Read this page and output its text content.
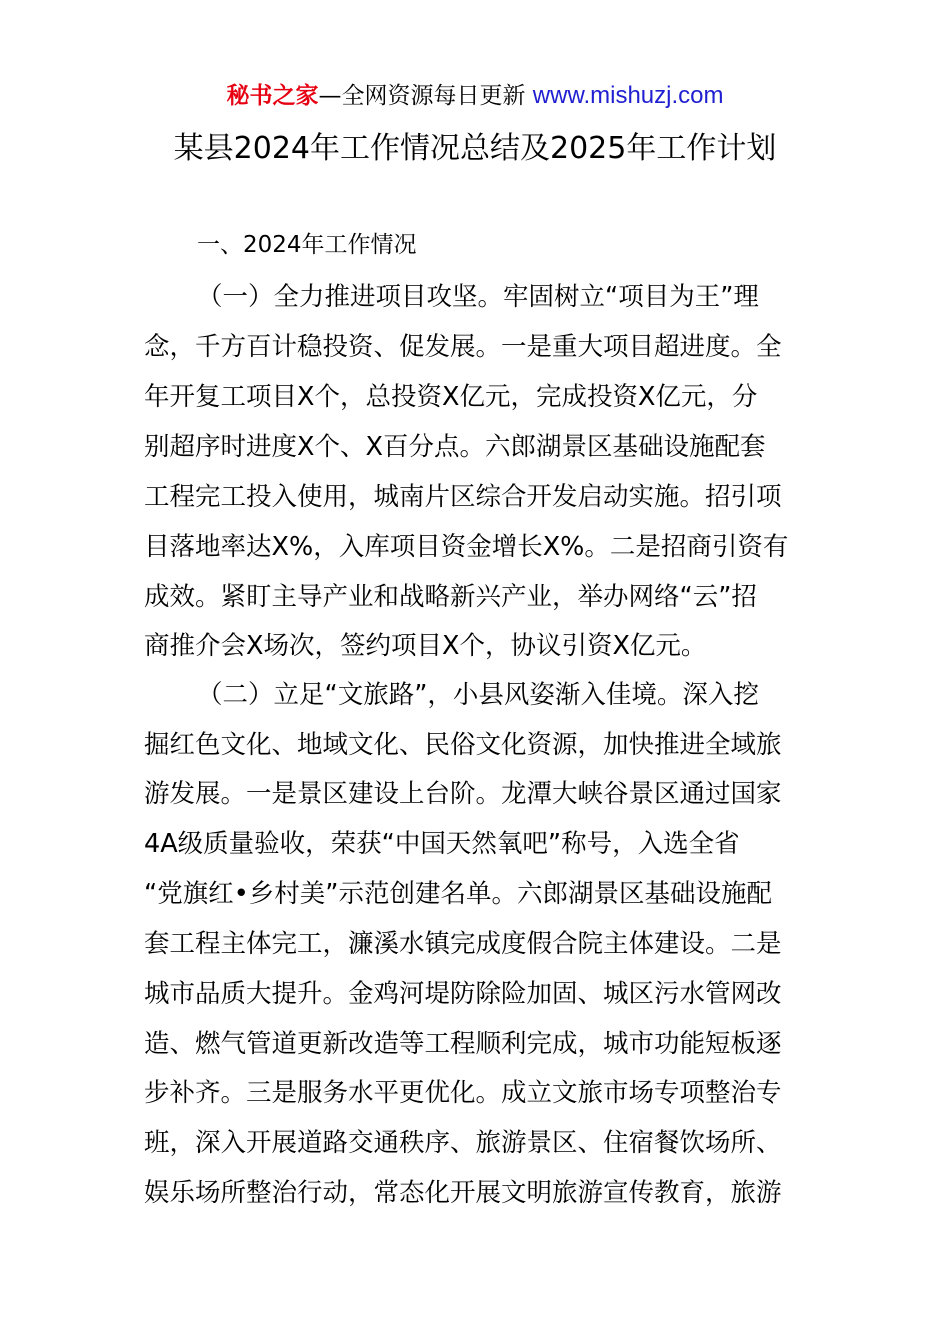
秘书之家—全网资源每日更新 www.mishuzj.com
某县2024年工作情况总结及2025年工作计划
一、2024年工作情况
（一）全力推进项目攻坚。牢固树立“项目为王”理
念，千方百计稳投资、促发展。一是重大项目超进度。全
年开复工项目X个，总投资X亿元，完成投资X亿元，分
别超序时进度X个、X百分点。六郎湖景区基础设施配套
工程完工投入使用，城南片区综合开发启动实施。招引项
目落地率达X%，入库项目资金增长X%。二是招商引资有
成效。紧盯主导产业和战略新兴产业，举办网络“云”招
商推介会X场次，签约项目X个，协议引资X亿元。
（二）立足“文旅路”，小县风姿渐入佳境。深入挖
掘红色文化、地域文化、民俗文化资源，加快推进全域旅
游发展。一是景区建设上台阶。龙潭大峡谷景区通过国家
4A级质量验收，荣获“中国天然氧吧”称号，入选全省
“党旗红•乡村美”示范创建名单。六郎湖景区基础设施配
套工程主体完工，濂溪水镇完成度假合院主体建设。二是
城市品质大提升。金鸡河堤防除险加固、城区污水管网改
造、燃气管道更新改造等工程顺利完成，城市功能短板逐
步补齐。三是服务水平更优化。成立文旅市场专项整治专
班，深入开展道路交通秩序、旅游景区、住宿餐饮场所、
娱乐场所整治行动，常态化开展文明旅游宣传教育，旅游
